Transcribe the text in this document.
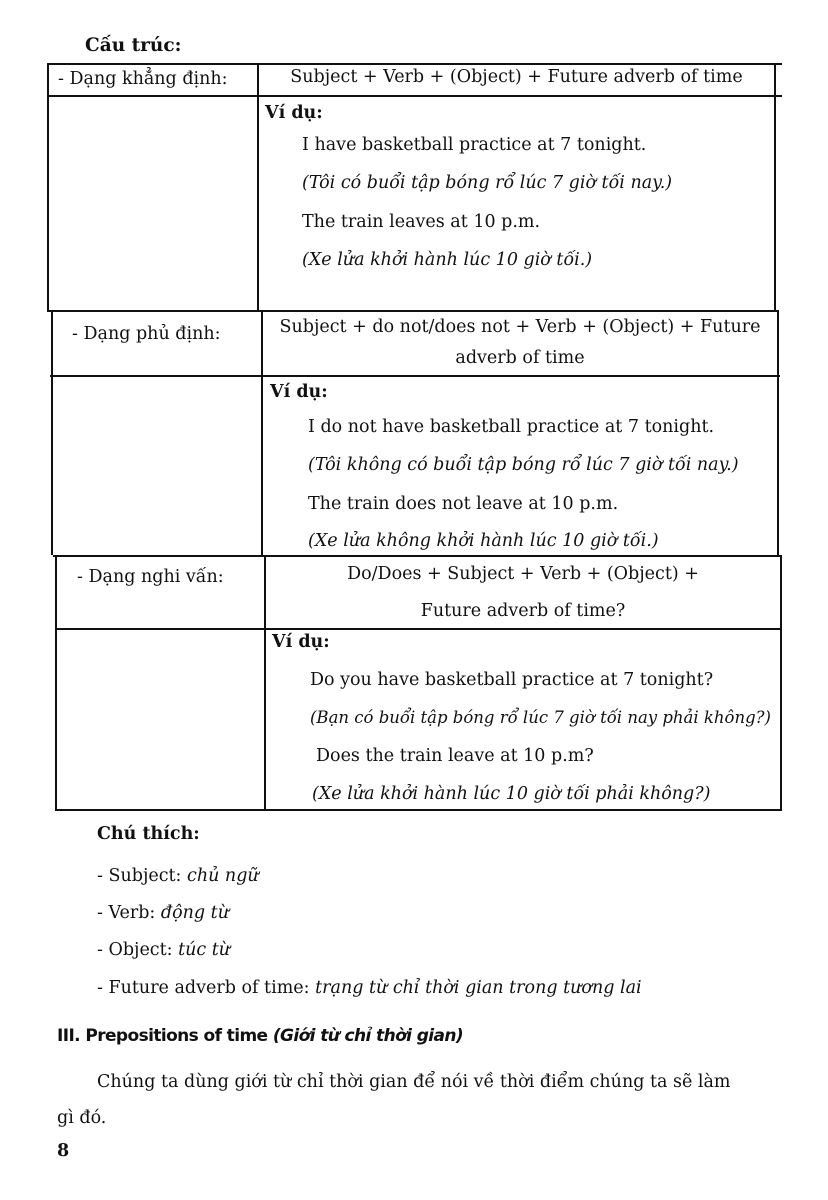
Cấu trúc:
- Dạng khẳng định:	Subject + Verb + (Object) + Future adverb of time
Ví dụ:
I have basketball practice at 7 tonight.
(Tôi có buổi tập bóng rổ lúc 7 giờ tối nay.)
The train leaves at 10 p.m.
(Xe lửa khởi hành lúc 10 giờ tối.)
- Dạng phủ định:	Subject + do not/does not + Verb + (Object) + Future
adverb of time
Ví dụ:
I do not have basketball practice at 7 tonight.
(Tôi không có buổi tập bóng rổ lúc 7 giờ tối nay.)
The train does not leave at 10 p.m.
(Xe lửa không khởi hành lúc 10 giờ tối.)
- Dạng nghi vấn:	Do/Does + Subject + Verb + (Object) +
Future adverb of time?
Ví dụ:
Do you have basketball practice at 7 tonight?
(Bạn có buổi tập bóng rổ lúc 7 giờ tối nay phải không?)
Does the train leave at 10 p.m?
(Xe lửa khởi hành lúc 10 giờ tối phải không?)
Chú thích:
- Subject: chủ ngữ
- Verb: động từ
- Object: túc từ
- Future adverb of time: trạng từ chỉ thời gian trong tương lai
III. Prepositions of time (Giới từ chỉ thời gian)
Chúng ta dùng giới từ chỉ thời gian để nói về thời điểm chúng ta sẽ làm
gì đó.
8
